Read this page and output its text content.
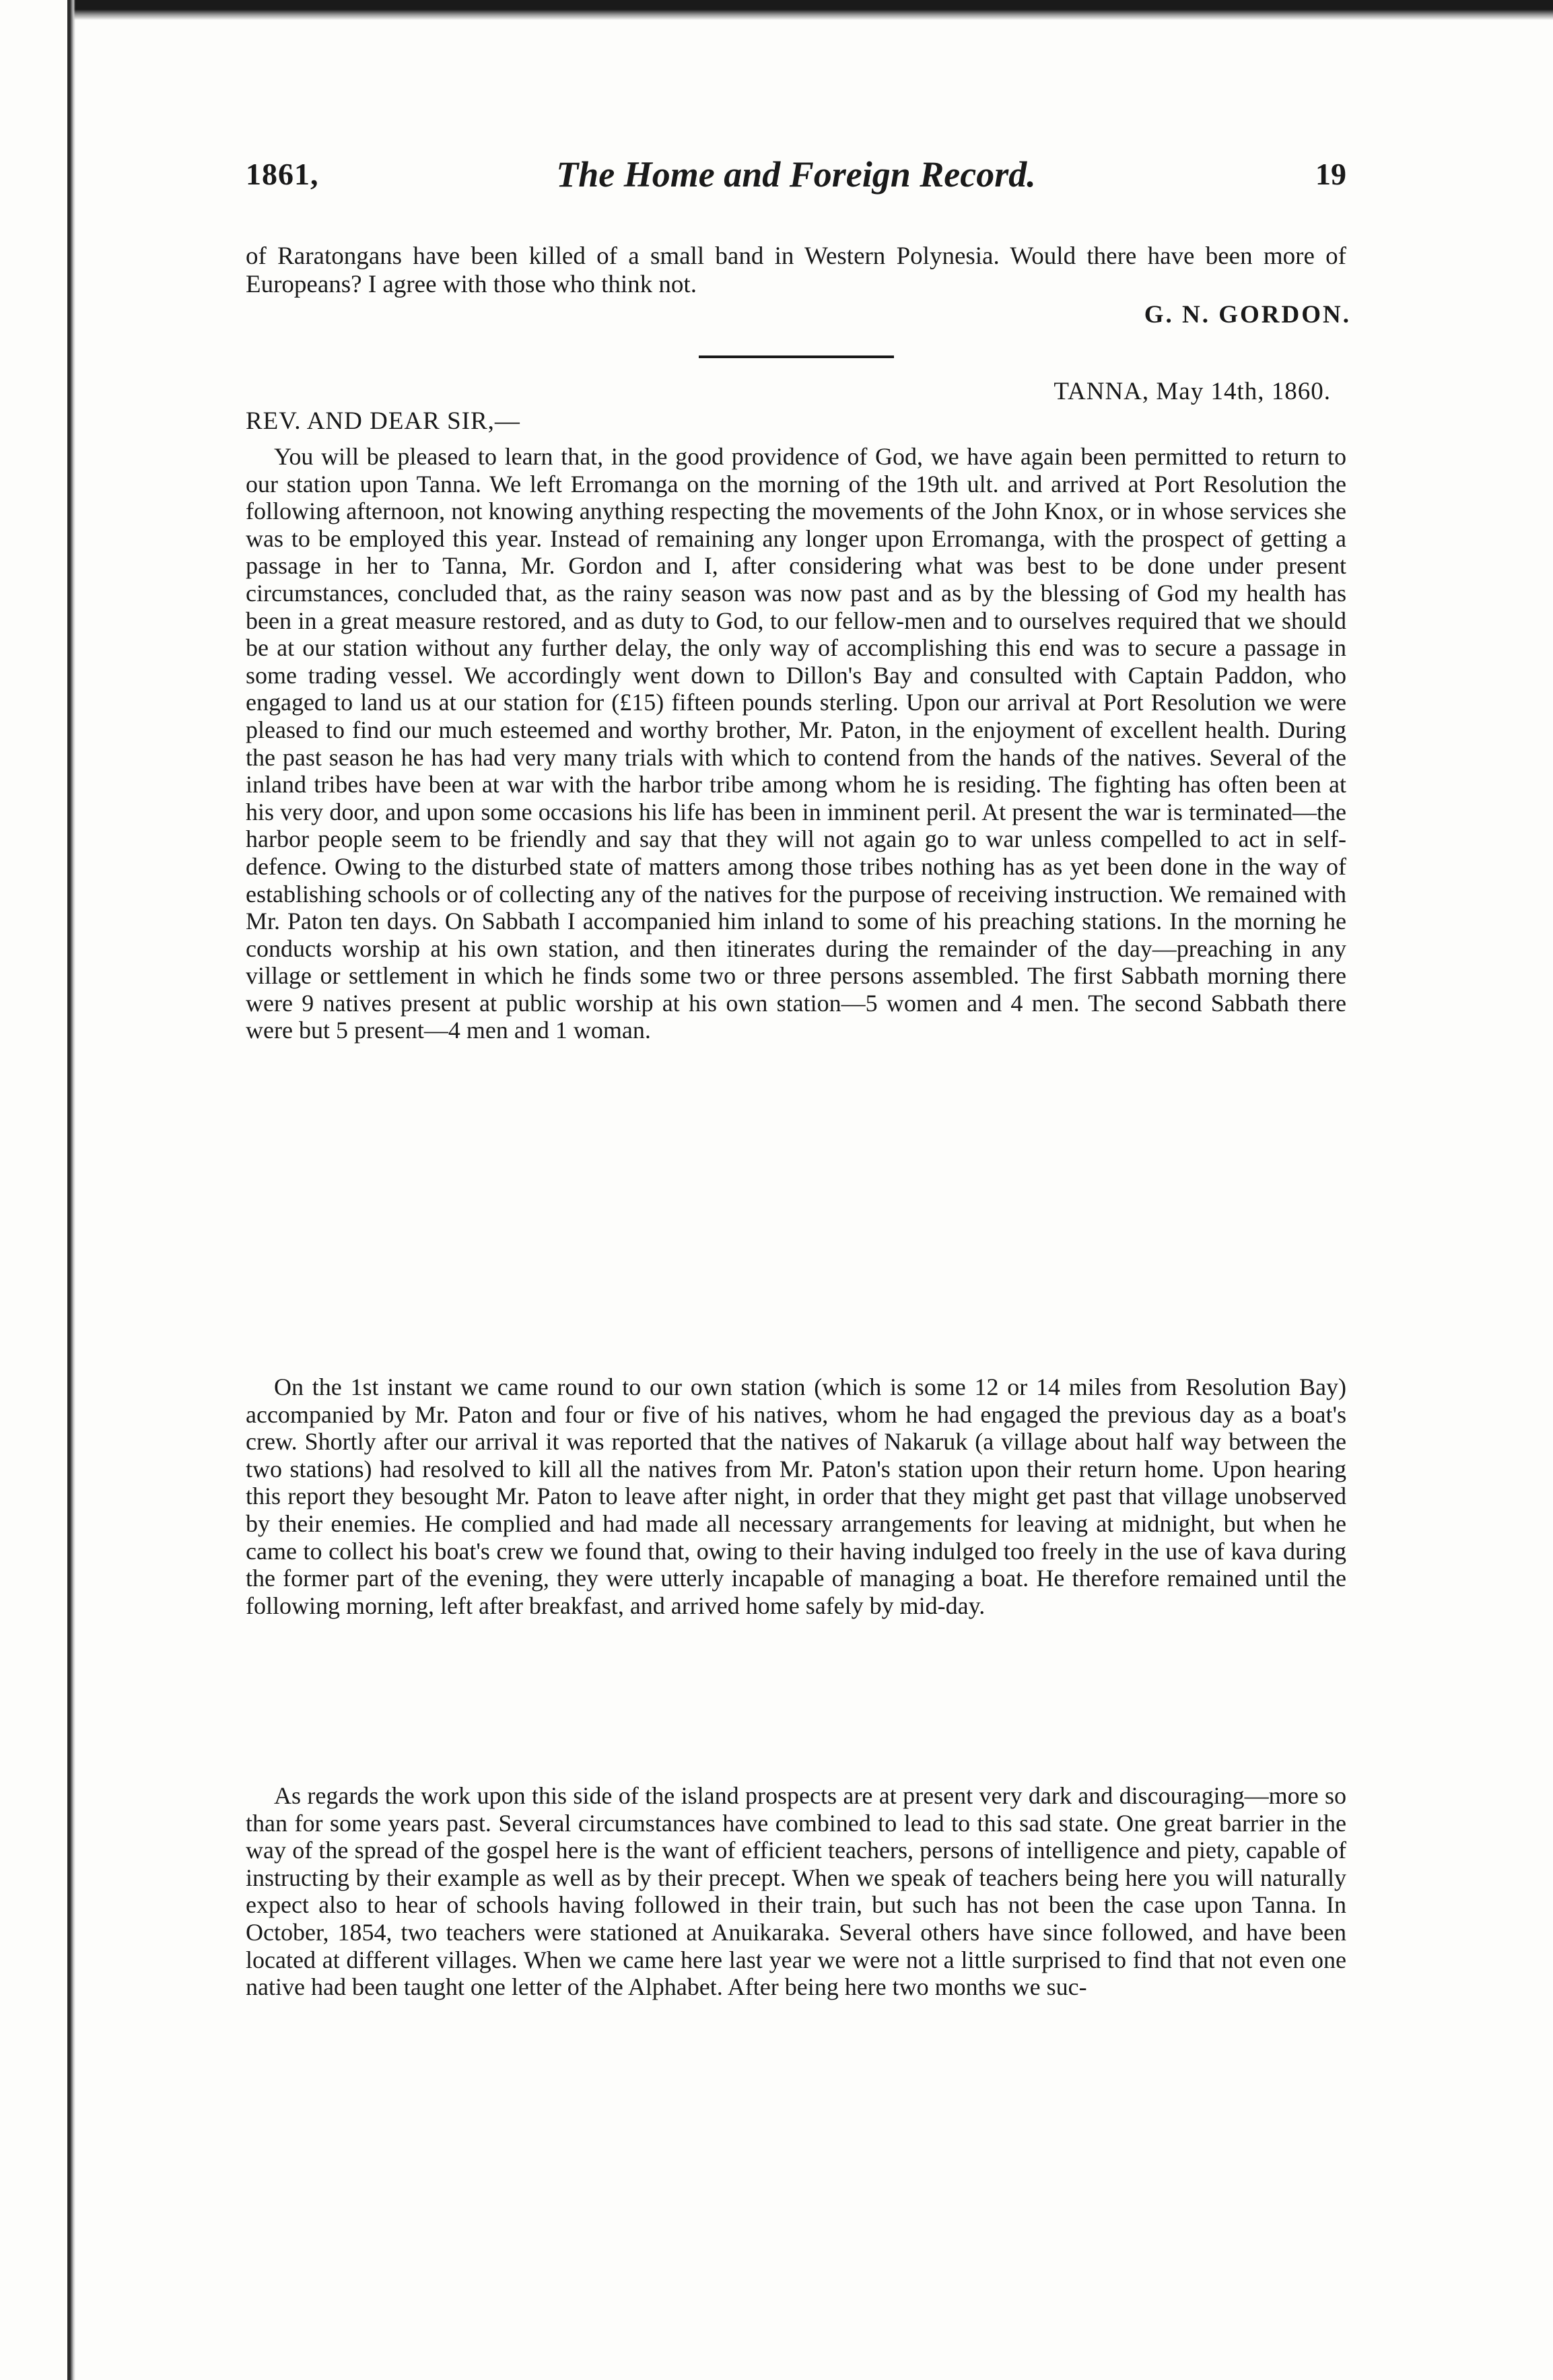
1861,	The Home and Foreign Record.	19

of Raratongans have been killed of a small band in Western Polynesia. Would there have been more of Europeans? I agree with those who think not.

G. N. GORDON.
TANNA, May 14th, 1860.
REV. AND DEAR SIR,—

You will be pleased to learn that, in the good providence of God, we have again been permitted to return to our station upon Tanna. We left Erromanga on the morning of the 19th ult. and arrived at Port Resolution the following afternoon, not knowing anything respecting the movements of the John Knox, or in whose services she was to be employed this year. Instead of remaining any longer upon Erromanga, with the prospect of getting a passage in her to Tanna, Mr. Gordon and I, after considering what was best to be done under present circumstances, concluded that, as the rainy season was now past and as by the blessing of God my health has been in a great measure restored, and as duty to God, to our fellow-men and to ourselves required that we should be at our station without any further delay, the only way of accomplishing this end was to secure a passage in some trading vessel. We accordingly went down to Dillon's Bay and consulted with Captain Paddon, who engaged to land us at our station for (£15) fifteen pounds sterling. Upon our arrival at Port Resolution we were pleased to find our much esteemed and worthy brother, Mr. Paton, in the enjoyment of excellent health. During the past season he has had very many trials with which to contend from the hands of the natives. Several of the inland tribes have been at war with the harbor tribe among whom he is residing. The fighting has often been at his very door, and upon some occasions his life has been in imminent peril. At present the war is terminated—the harbor people seem to be friendly and say that they will not again go to war unless compelled to act in self-defence. Owing to the disturbed state of matters among those tribes nothing has as yet been done in the way of establishing schools or of collecting any of the natives for the purpose of receiving instruction. We remained with Mr. Paton ten days. On Sabbath I accompanied him inland to some of his preaching stations. In the morning he conducts worship at his own station, and then itinerates during the remainder of the day—preaching in any village or settlement in which he finds some two or three persons assembled. The first Sabbath morning there were 9 natives present at public worship at his own station—5 women and 4 men. The second Sabbath there were but 5 present—4 men and 1 woman.

On the 1st instant we came round to our own station (which is some 12 or 14 miles from Resolution Bay) accompanied by Mr. Paton and four or five of his natives, whom he had engaged the previous day as a boat's crew. Shortly after our arrival it was reported that the natives of Nakaruk (a village about half way between the two stations) had resolved to kill all the natives from Mr. Paton's station upon their return home. Upon hearing this report they besought Mr. Paton to leave after night, in order that they might get past that village unobserved by their enemies. He complied and had made all necessary arrangements for leaving at midnight, but when he came to collect his boat's crew we found that, owing to their having indulged too freely in the use of kava during the former part of the evening, they were utterly incapable of managing a boat. He therefore remained until the following morning, left after breakfast, and arrived home safely by mid-day.

As regards the work upon this side of the island prospects are at present very dark and discouraging—more so than for some years past. Several circumstances have combined to lead to this sad state. One great barrier in the way of the spread of the gospel here is the want of efficient teachers, persons of intelligence and piety, capable of instructing by their example as well as by their precept. When we speak of teachers being here you will naturally expect also to hear of schools having followed in their train, but such has not been the case upon Tanna. In October, 1854, two teachers were stationed at Anuikaraka. Several others have since followed, and have been located at different villages. When we came here last year we were not a little surprised to find that not even one native had been taught one letter of the Alphabet. After being here two months we suc-
